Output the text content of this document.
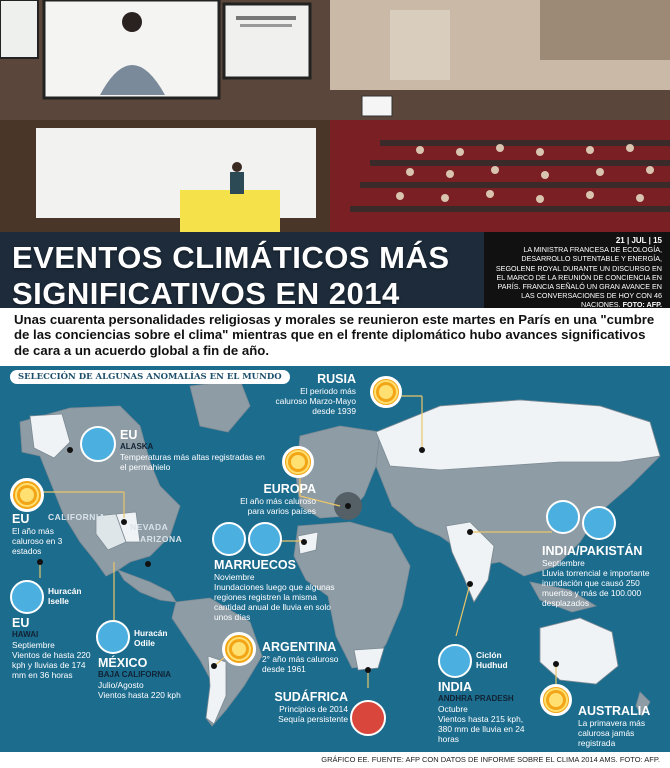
EVENTOS CLIMÁTICOS MÁS
SIGNIFICATIVOS EN 2014
21 | JUL | 15
LA MINISTRA FRANCESA DE ECOLOGÍA, DESARROLLO SUTENTABLE Y ENERGÍA, SEGOLENE ROYAL DURANTE UN DISCURSO EN EL MARCO DE LA REUNIÓN DE CONCIENCIA EN PARÍS. FRANCIA SEÑALÓ UN GRAN AVANCE EN LAS CONVERSACIONES DE HOY CON 46 NACIONES. FOTO: AFP.
Unas cuarenta personalidades religiosas y morales se reunieron este martes en París en una "cumbre de las conciencias sobre el clima" mientras que en el frente diplomático hubo avances significativos de cara a un acuerdo global a fin de año.
SELECCIÓN DE ALGUNAS ANOMALÍAS EN EL MUNDO
CALIFORNIA
NEVADA
ARIZONA
RUSIA
El periodo más caluroso Marzo-Mayo desde 1939
EU
ALASKA
Temperaturas más altas registradas en el permahielo
EU
El año más caluroso en 3 estados
EUROPA
El año más caluroso para varios países
MARRUECOS
Noviembre
Inundaciones luego que algunas regiones registren la misma cantidad anual de lluvia en solo unos días
INDIA/PAKISTÁN
Septiembre
Lluvia torrencial e importante inundación que causó 250 muertos y más de 100.000 desplazados
Huracán Iselle
EU
HAWAI
Septiembre
Vientos de hasta 220 kph y lluvias de 174 mm en 36 horas
Huracán Odile
MÉXICO
BAJA CALIFORNIA
Julio/Agosto
Vientos hasta 220 kph
ARGENTINA
2° año más caluroso desde 1961
SUDÁFRICA
Principios de 2014
Sequía persistente
Ciclón Hudhud
INDIA
ANDHRA PRADESH
Octubre
Vientos hasta 215 kph, 380 mm de lluvia en 24 horas
AUSTRALIA
La primavera más calurosa jamás registrada
GRÁFICO EE. FUENTE: AFP CON DATOS DE INFORME SOBRE EL CLIMA 2014 AMS. FOTO: AFP.
